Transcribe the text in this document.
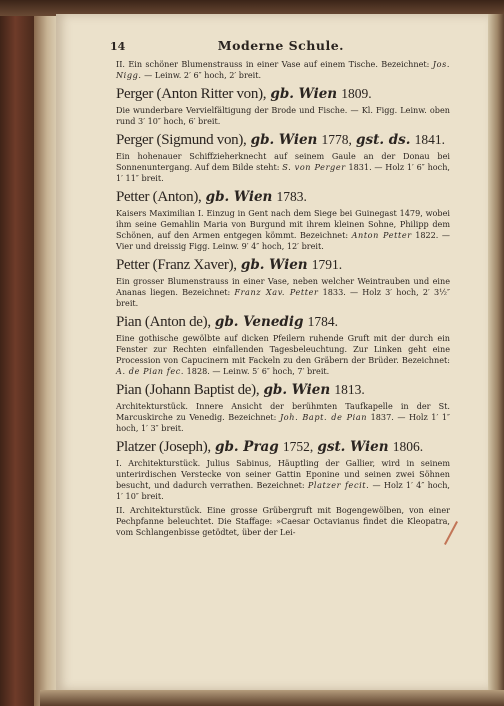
14	Moderne Schule.
II. Ein schöner Blumenstrauss in einer Vase auf einem Tische. Bezeichnet: Jos. Nigg. — Leinw. 2′ 6″ hoch, 2′ breit.
Perger (Anton Ritter von), gb. Wien 1809.
Die wunderbare Vervielfältigung der Brode und Fische. — Kl. Figg. Leinw. oben rund 3′ 10″ hoch, 6′ breit.
Perger (Sigmund von), gb. Wien 1778, gst. ds. 1841.
Ein hohenauer Schiffzieherknecht auf seinem Gaule an der Donau bei Sonnenuntergang. Auf dem Bilde steht: S. von Perger 1831. — Holz 1′ 6″ hoch, 1′ 11″ breit.
Petter (Anton), gb. Wien 1783.
Kaisers Maximilian I. Einzug in Gent nach dem Siege bei Guinegast 1479, wobei ihm seine Gemahlin Maria von Burgund mit ihrem kleinen Sohne, Philipp dem Schönen, auf den Armen entgegen kömmt. Bezeichnet: Anton Petter 1822. — Vier und dreissig Figg. Leinw. 9′ 4″ hoch, 12′ breit.
Petter (Franz Xaver), gb. Wien 1791.
Ein grosser Blumenstrauss in einer Vase, neben welcher Weintrauben und eine Ananas liegen. Bezeichnet: Franz Xav. Petter 1833. — Holz 3′ hoch, 2′ 3½″ breit.
Pian (Anton de), gb. Venedig 1784.
Eine gothische gewölbte auf dicken Pfeilern ruhende Gruft mit der durch ein Fenster zur Rechten einfallenden Tagesbeleuchtung. Zur Linken geht eine Procession von Capucinern mit Fackeln zu den Gräbern der Brüder. Bezeichnet: A. de Pian fec. 1828. — Leinw. 5′ 6″ hoch, 7′ breit.
Pian (Johann Baptist de), gb. Wien 1813.
Architekturstück. Innere Ansicht der berühmten Taufkapelle in der St. Marcuskirche zu Venedig. Bezeichnet: Joh. Bapt. de Pian 1837. — Holz 1′ 1″ hoch, 1′ 3″ breit.
Platzer (Joseph), gb. Prag 1752, gst. Wien 1806.
I. Architekturstück. Julius Sabinus, Häuptling der Gallier, wird in seinem unterirdischen Verstecke von seiner Gattin Eponine und seinen zwei Söhnen besucht, und dadurch verrathen. Bezeichnet: Platzer fecit. — Holz 1′ 4″ hoch, 1′ 10″ breit.
II. Architekturstück. Eine grosse Grübergruft mit Bogengewölben, von einer Pechpfanne beleuchtet. Die Staffage: »Caesar Octavianus findet die Kleopatra, vom Schlangenbisse getödtet, über der Lei-
